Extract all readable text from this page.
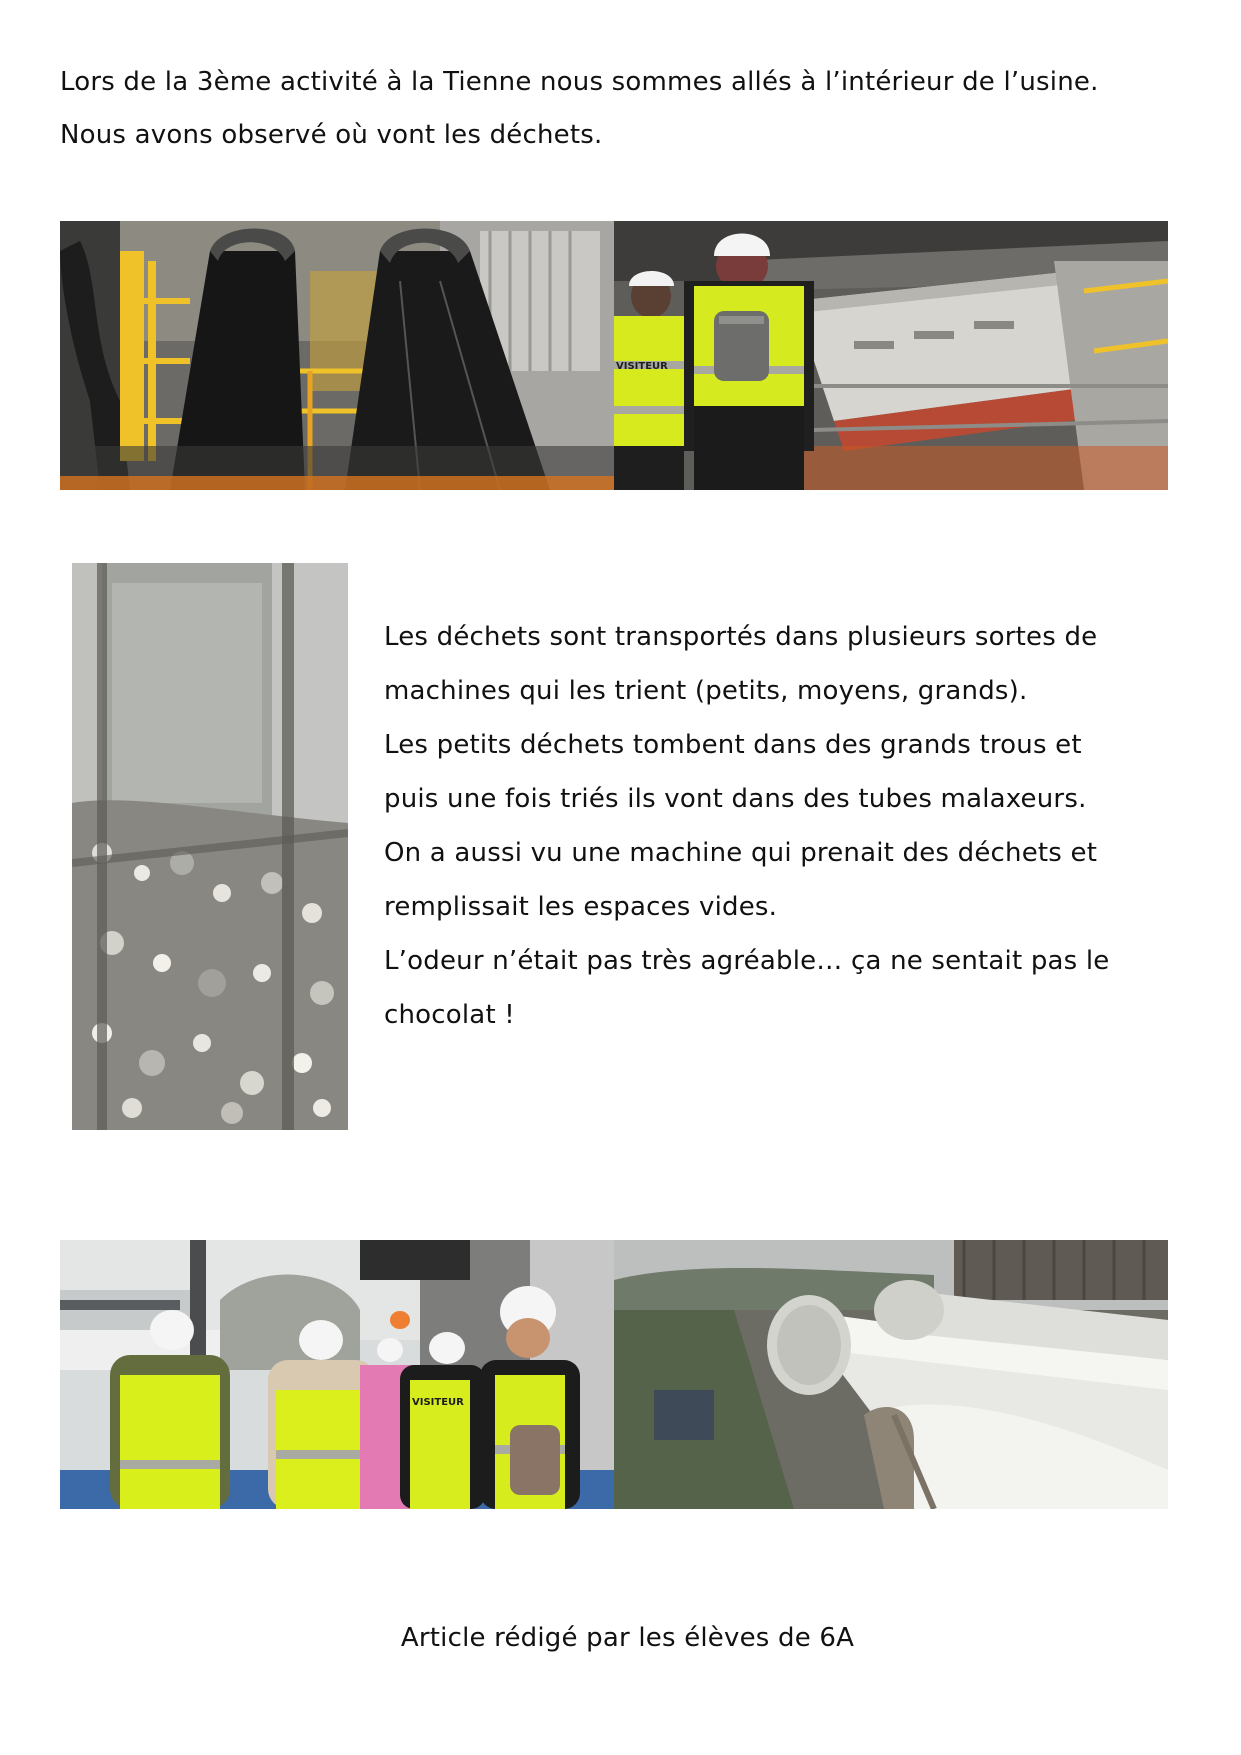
Lors de la 3ème activité à la Tienne nous sommes allés à l’intérieur de l’usine.

Nous avons observé où vont les déchets.

VISITEUR

Les déchets sont transportés dans plusieurs sortes de

machines qui les trient (petits, moyens, grands).

Les petits déchets tombent dans des grands trous et

puis une fois triés ils vont dans des tubes malaxeurs.

On a aussi vu une machine qui prenait des déchets et

remplissait les espaces vides.

L’odeur n’était pas très agréable… ça ne sentait pas le

chocolat !

VISITEUR
Article rédigé par les élèves de 6A
